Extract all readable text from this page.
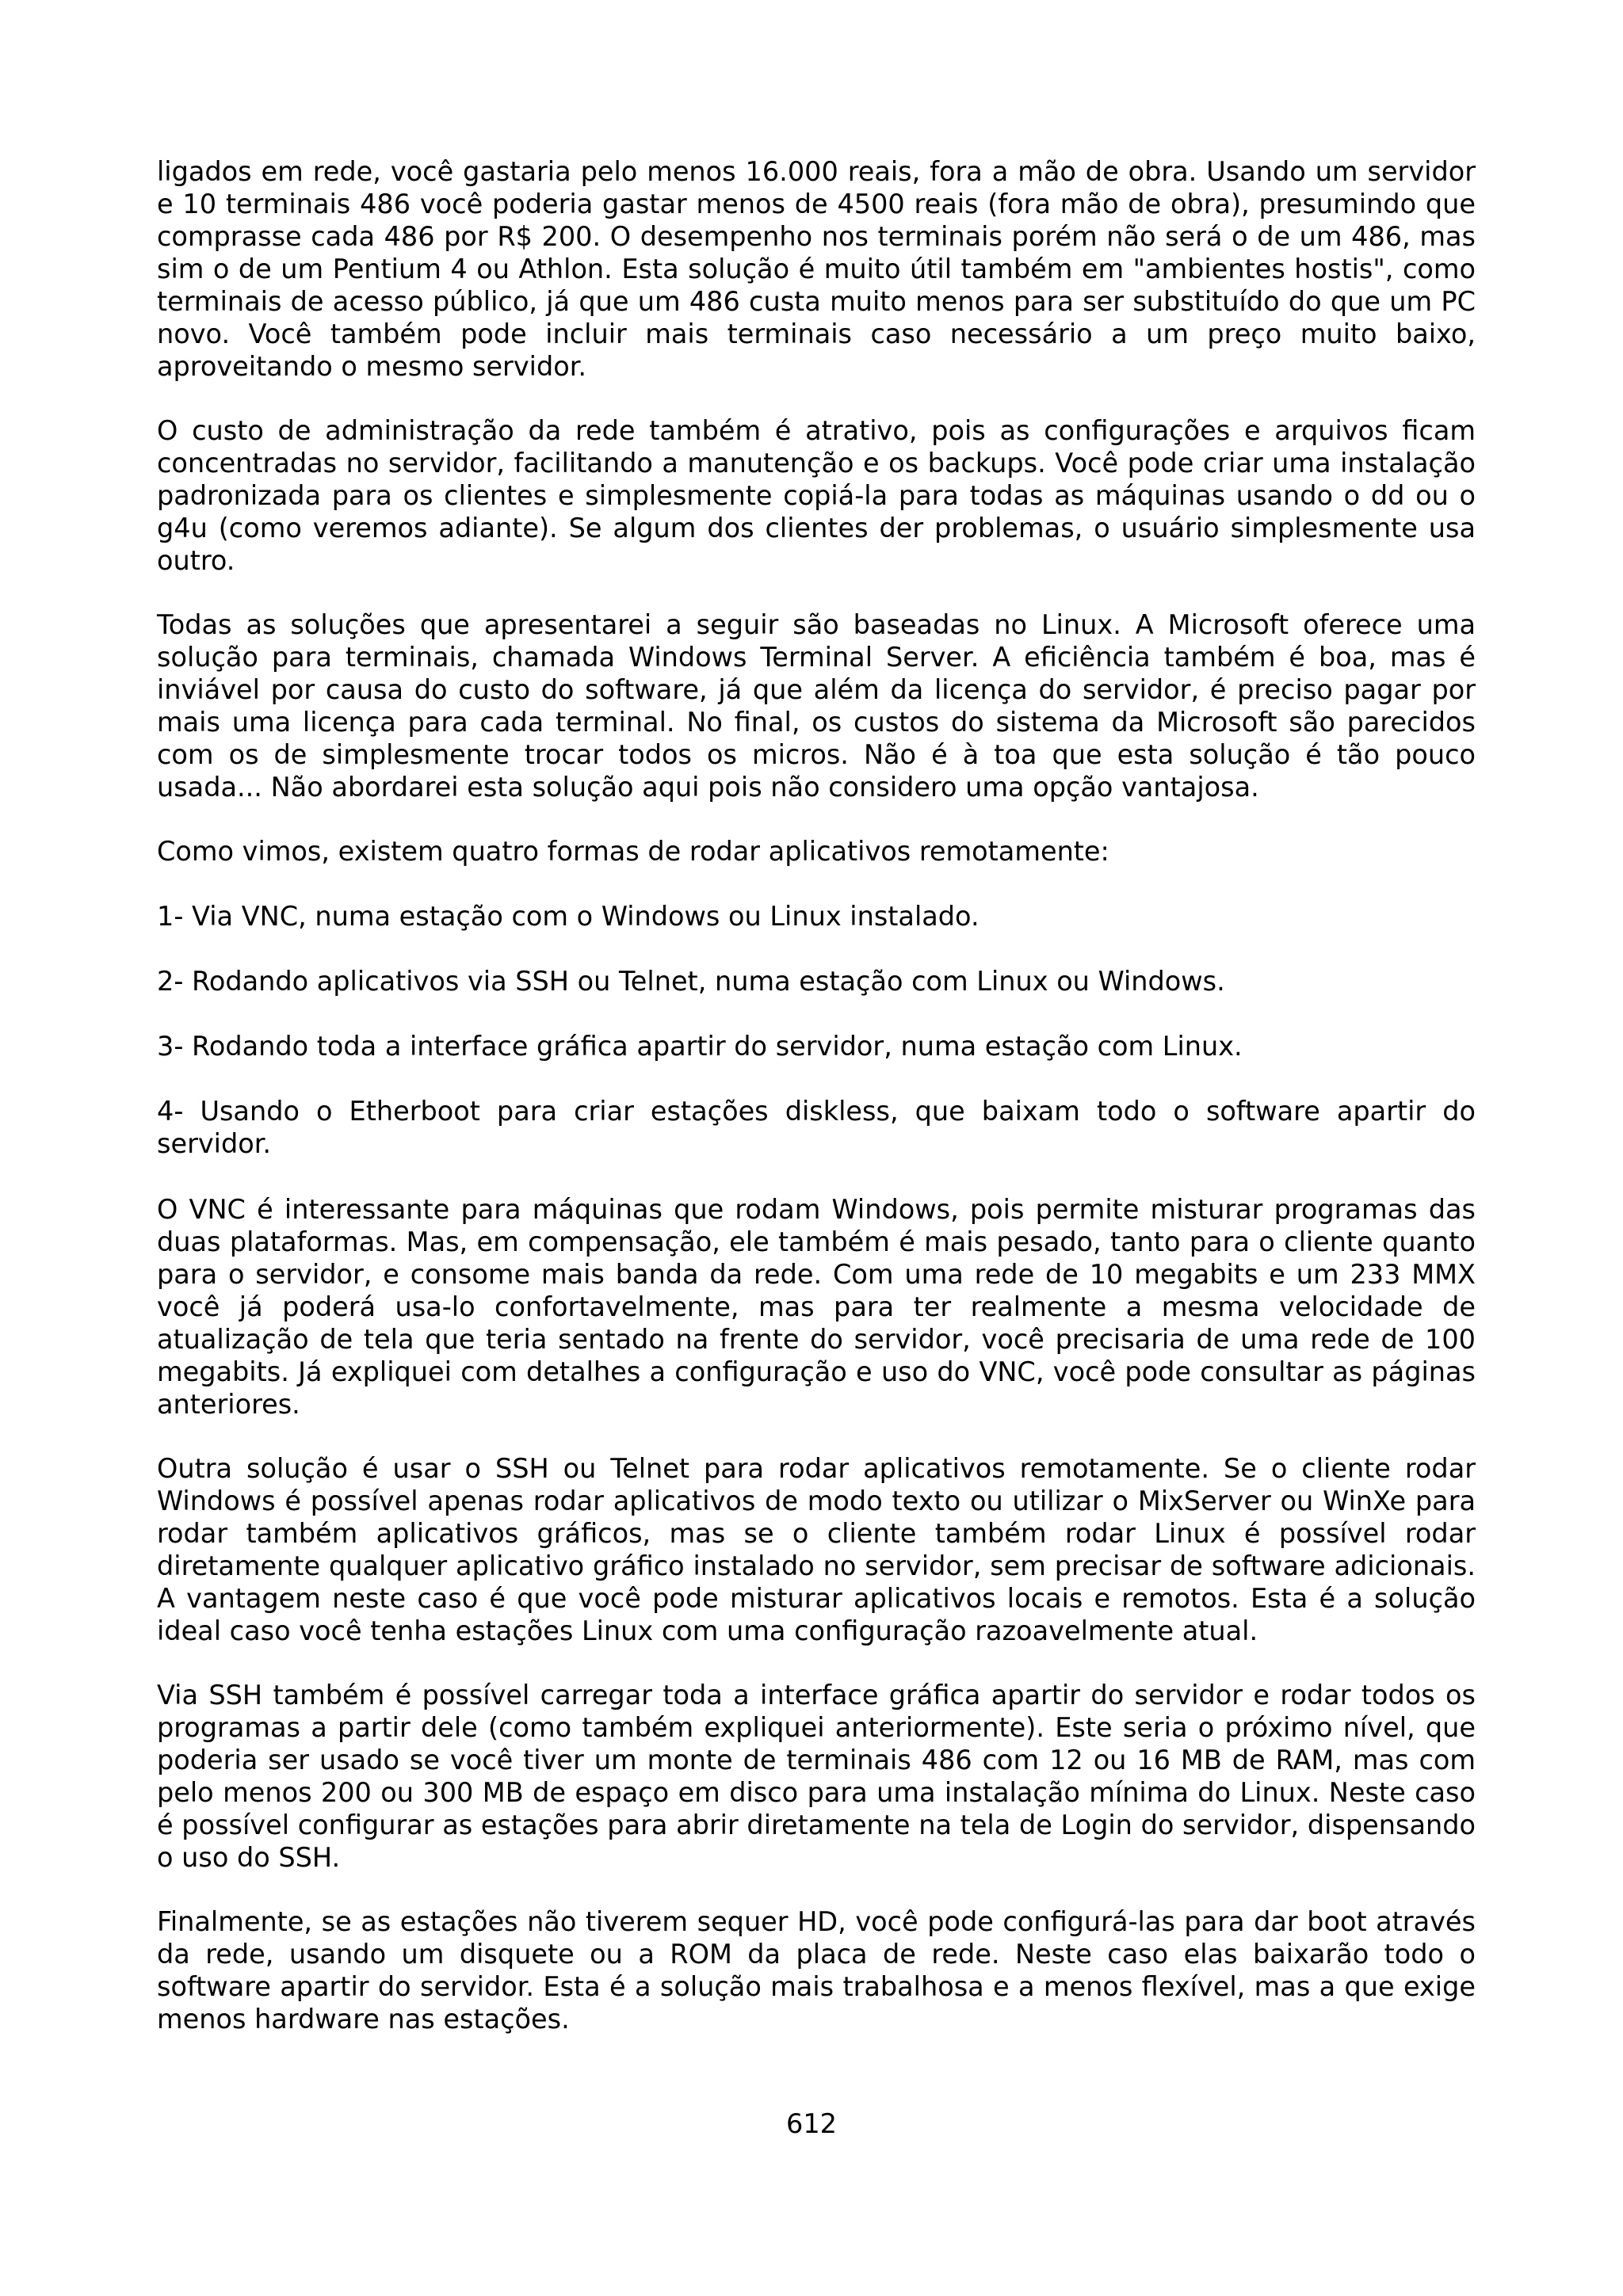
ligados em rede, você gastaria pelo menos 16.000 reais, fora a mão de obra. Usando um servidor e 10 terminais 486 você poderia gastar menos de 4500 reais (fora mão de obra), presumindo que comprasse cada 486 por R$ 200. O desempenho nos terminais porém não será o de um 486, mas sim o de um Pentium 4 ou Athlon. Esta solução é muito útil também em "ambientes hostis", como terminais de acesso público, já que um 486 custa muito menos para ser substituído do que um PC novo. Você também pode incluir mais terminais caso necessário a um preço muito baixo, aproveitando o mesmo servidor.

O custo de administração da rede também é atrativo, pois as configurações e arquivos ficam concentradas no servidor, facilitando a manutenção e os backups. Você pode criar uma instalação padronizada para os clientes e simplesmente copiá-la para todas as máquinas usando o dd ou o g4u (como veremos adiante). Se algum dos clientes der problemas, o usuário simplesmente usa outro.

Todas as soluções que apresentarei a seguir são baseadas no Linux. A Microsoft oferece uma solução para terminais, chamada Windows Terminal Server. A eficiência também é boa, mas é inviável por causa do custo do software, já que além da licença do servidor, é preciso pagar por mais uma licença para cada terminal. No final, os custos do sistema da Microsoft são parecidos com os de simplesmente trocar todos os micros. Não é à toa que esta solução é tão pouco usada... Não abordarei esta solução aqui pois não considero uma opção vantajosa.

Como vimos, existem quatro formas de rodar aplicativos remotamente:

1- Via VNC, numa estação com o Windows ou Linux instalado.

2- Rodando aplicativos via SSH ou Telnet, numa estação com Linux ou Windows.

3- Rodando toda a interface gráfica apartir do servidor, numa estação com Linux.

4- Usando o Etherboot para criar estações diskless, que baixam todo o software apartir do servidor.

O VNC é interessante para máquinas que rodam Windows, pois permite misturar programas das duas plataformas. Mas, em compensação, ele também é mais pesado, tanto para o cliente quanto para o servidor, e consome mais banda da rede. Com uma rede de 10 megabits e um 233 MMX você já poderá usa-lo confortavelmente, mas para ter realmente a mesma velocidade de atualização de tela que teria sentado na frente do servidor, você precisaria de uma rede de 100 megabits. Já expliquei com detalhes a configuração e uso do VNC, você pode consultar as páginas anteriores.

Outra solução é usar o SSH ou Telnet para rodar aplicativos remotamente. Se o cliente rodar Windows é possível apenas rodar aplicativos de modo texto ou utilizar o MixServer ou WinXe para rodar também aplicativos gráficos, mas se o cliente também rodar Linux é possível rodar diretamente qualquer aplicativo gráfico instalado no servidor, sem precisar de software adicionais. A vantagem neste caso é que você pode misturar aplicativos locais e remotos. Esta é a solução ideal caso você tenha estações Linux com uma configuração razoavelmente atual.

Via SSH também é possível carregar toda a interface gráfica apartir do servidor e rodar todos os programas a partir dele (como também expliquei anteriormente). Este seria o próximo nível, que poderia ser usado se você tiver um monte de terminais 486 com 12 ou 16 MB de RAM, mas com pelo menos 200 ou 300 MB de espaço em disco para uma instalação mínima do Linux. Neste caso é possível configurar as estações para abrir diretamente na tela de Login do servidor, dispensando o uso do SSH.

Finalmente, se as estações não tiverem sequer HD, você pode configurá-las para dar boot através da rede, usando um disquete ou a ROM da placa de rede. Neste caso elas baixarão todo o software apartir do servidor. Esta é a solução mais trabalhosa e a menos flexível, mas a que exige menos hardware nas estações.

612
